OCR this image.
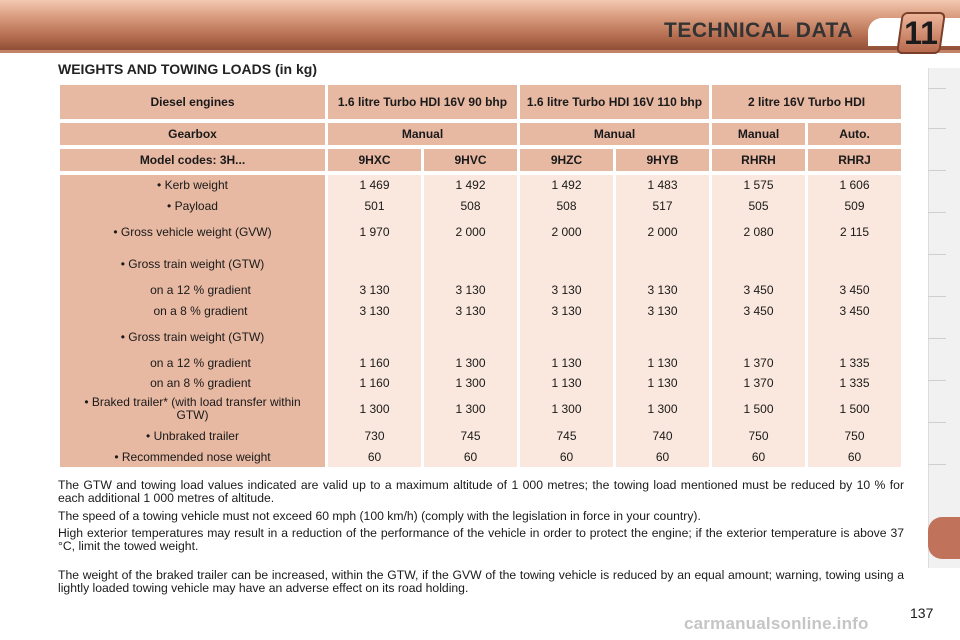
TECHNICAL DATA 11
WEIGHTS AND TOWING LOADS (in kg)
Diesel engines	1.6 litre Turbo HDI 16V 90 bhp		1.6 litre Turbo HDI 16V 110 bhp		2 litre 16V Turbo HDI	

Gearbox	Manual		Manual		Manual	Auto.

Model codes: 3H...	9HXC	9HVC	9HZC	9HYB	RHRH	RHRJ

• Kerb weight	1 469	1 492	1 492	1 483	1 575	1 606
• Payload	501	508	508	517	505	509
• Gross vehicle weight (GVW)	1 970	2 000	2 000	2 000	2 080	2 115
• Gross train weight (GTW)						
on a 12 % gradient	3 130	3 130	3 130	3 130	3 450	3 450
on a 8 % gradient	3 130	3 130	3 130	3 130	3 450	3 450
• Gross train weight (GTW)						
on a 12 % gradient	1 160	1 300	1 130	1 130	1 370	1 335
on an 8 % gradient	1 160	1 300	1 130	1 130	1 370	1 335
• Braked trailer* (with load transfer within GTW)	1 300	1 300	1 300	1 300	1 500	1 500
• Unbraked trailer	730	745	745	740	750	750
• Recommended nose weight	60	60	60	60	60	60
The GTW and towing load values indicated are valid up to a maximum altitude of 1 000 metres; the towing load mentioned must be reduced by 10 % for each additional 1 000 metres of altitude.
The speed of a towing vehicle must not exceed 60 mph (100 km/h) (comply with the legislation in force in your country).
High exterior temperatures may result in a reduction of the performance of the vehicle in order to protect the engine; if the exterior temperature is above 37 °C, limit the towed weight.
The weight of the braked trailer can be increased, within the GTW, if the GVW of the towing vehicle is reduced by an equal amount; warning, towing using a lightly loaded towing vehicle may have an adverse effect on its road holding.
137
carmanualsonline.info
